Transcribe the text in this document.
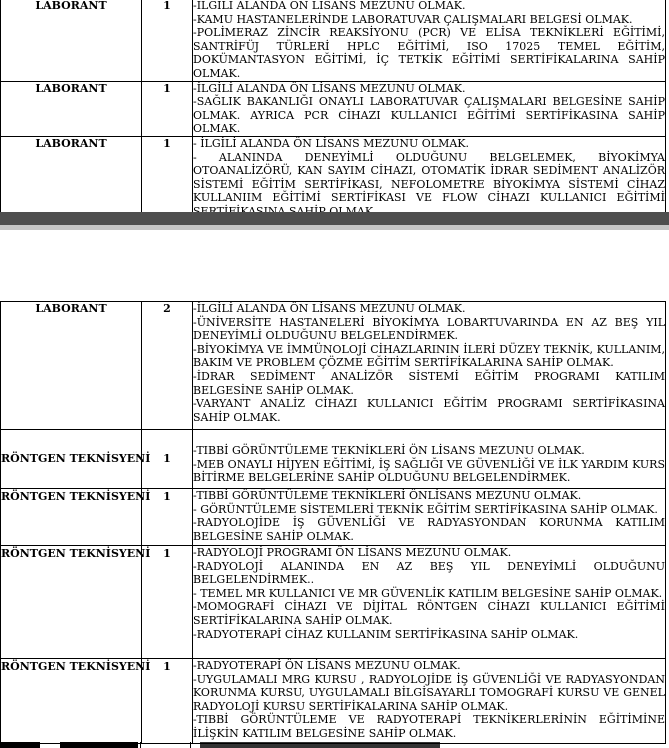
LABORANT	1	-İLGİLİ ALANDA ÖN LİSANS MEZUNU OLMAK.
-KAMU HASTANELERİNDE LABORATUVAR ÇALIŞMALARI BELGESİ OLMAK.
-POLİMERAZ ZİNCİR REAKSİYONU (PCR) VE ELİSA TEKNİKLERİ EĞİTİMİ, SANTRİFÜJ TÜRLERİ HPLC EĞİTİMİ, ISO 17025 TEMEL EĞİTİM, DOKÜMANTASYON EĞİTİMİ, İÇ TETKİK EĞİTİMİ SERTİFİKALARINA SAHİP OLMAK.

LABORANT	1	-İLGİLİ ALANDA ÖN LİSANS MEZUNU OLMAK.
-SAĞLIK BAKANLIĞI ONAYLI LABORATUVAR ÇALIŞMALARI BELGESİNE SAHİP OLMAK. AYRICA PCR CİHAZI KULLANICI EĞİTİMİ SERTİFİKASINA SAHİP OLMAK.

LABORANT	1	- İLGİLİ ALANDA ÖN LİSANS MEZUNU OLMAK.
- ALANINDA DENEYİMLİ OLDUĞUNU BELGELEMEK, BİYOKİMYA OTOANALİZÖRÜ, KAN SAYIM CİHAZI, OTOMATİK İDRAR SEDİMENT ANALİZÖR SİSTEMİ EĞİTİM SERTİFİKASI, NEFOLOMETRE BİYOKİMYA SİSTEMİ CİHAZ KULLANIIM EĞİTİMİ SERTİFİKASI VE FLOW CİHAZI KULLANICI EĞİTİMİ
LABORANT	2	-İLGİLİ ALANDA ÖN LİSANS MEZUNU OLMAK.
-ÜNİVERSİTE HASTANELERİ BİYOKİMYA LOBARTUVARINDA EN AZ BEŞ YIL DENEYİMLİ OLDUĞUNU BELGELENDİRMEK.
-BİYOKİMYA VE İMMÜNOLOJİ CİHAZLARININ İLERİ DÜZEY TEKNİK, KULLANIM, BAKIM VE PROBLEM ÇÖZME EĞİTİM SERTİFİKALARINA SAHİP OLMAK.
-İDRAR SEDİMENT ANALİZÖR SİSTEMİ EĞİTİM PROGRAMI KATILIM BELGESİNE SAHİP OLMAK.
-VARYANT ANALİZ CİHAZI KULLANICI EĞİTİM PROGRAMI SERTİFİKASINA SAHİP OLMAK.

RÖNTGEN TEKNİSYENİ	1	-TIBBİ GÖRÜNTÜLEME TEKNİKLERİ ÖN LİSANS MEZUNU OLMAK.
-MEB ONAYLI HİJYEN EĞİTİMİ, İŞ SAĞLIĞI VE GÜVENLİĞİ VE İLK YARDIM KURS BİTİRME BELGELERİNE SAHİP OLDUĞUNU BELGELENDİRMEK.

RÖNTGEN TEKNİSYENİ	1	-TIBBİ GÖRÜNTÜLEME TEKNİKLERİ ÖNLİSANS MEZUNU OLMAK.
- GÖRÜNTÜLEME SİSTEMLERİ TEKNİK EĞİTİM SERTİFİKASINA SAHİP OLMAK.
-RADYOLOJİDE İŞ GÜVENLİĞİ VE RADYASYONDAN KORUNMA KATILIM BELGESİNE SAHİP OLMAK.

RÖNTGEN TEKNİSYENİ	1	-RADYOLOJİ PROGRAMI ÖN LİSANS MEZUNU OLMAK.
-RADYOLOJİ ALANINDA EN AZ BEŞ YIL DENEYİMLİ OLDUĞUNU BELGELENDİRMEK..
- TEMEL MR KULLANICI VE MR GÜVENLİK KATILIM BELGESİNE SAHİP OLMAK.
-MOMOGRAFİ CİHAZI VE DİJİTAL RÖNTGEN CİHAZI KULLANICI EĞİTİMİ SERTİFİKALARINA SAHİP OLMAK.
-RADYOTERAPİ CİHAZ KULLANIM SERTİFİKASINA SAHİP OLMAK.

RÖNTGEN TEKNİSYENİ	1	-RADYOTERAPİ ÖN LİSANS MEZUNU OLMAK.
-UYGULAMALI MRG KURSU , RADYOLOJİDE İŞ GÜVENLİĞİ VE RADYASYONDAN KORUNMA KURSU, UYGULAMALI BİLGİSAYARLI TOMOGRAFİ KURSU VE GENEL RADYOLOJİ KURSU SERTİFİKALARINA SAHİP OLMAK.
-TIBBİ GÖRÜNTÜLEME VE RADYOTERAPİ TEKNİKERLERİNİN EĞİTİMİNE İLİŞKİN KATILIM BELGESİNE SAHİP OLMAK.
